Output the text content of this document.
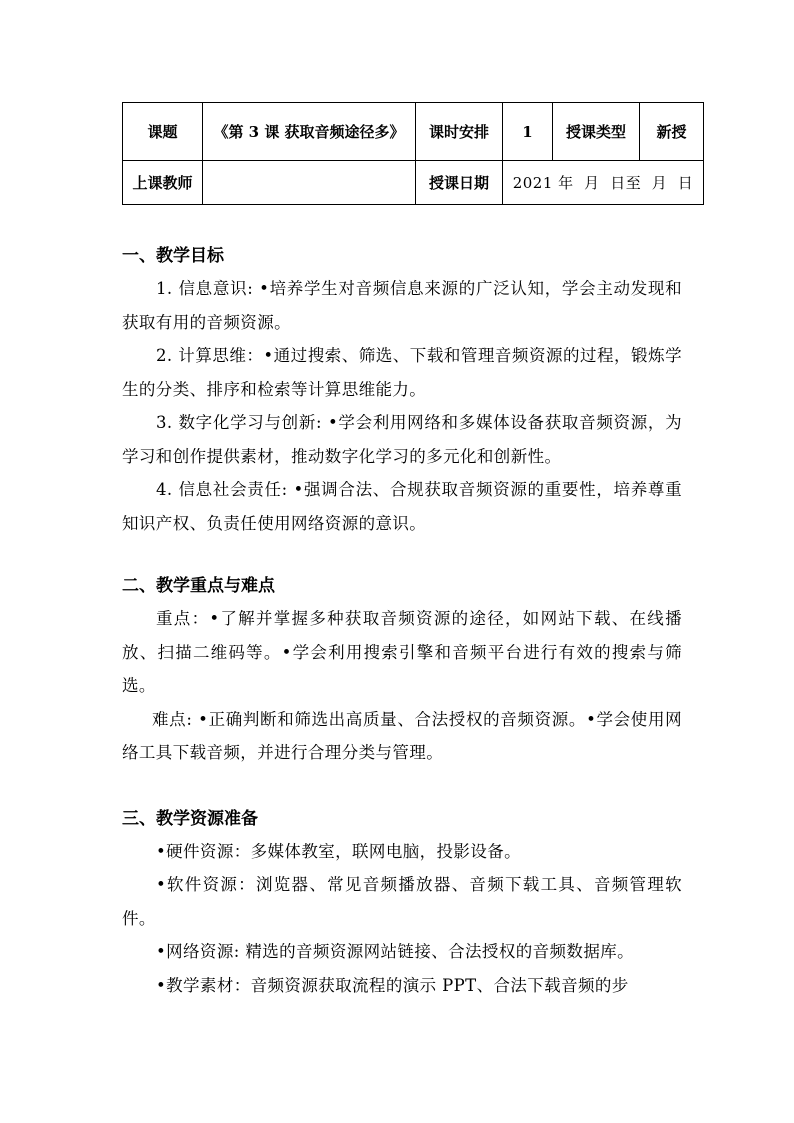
课题	《第 3 课 获取音频途径多》	课时安排	1	授课类型	新授
上课教师		授课日期	2021 年  月  日至  月  日		
一、教学目标

1. 信息意识: •培养学生对音频信息来源的广泛认知，学会主动发现和获取有用的音频资源。

2. 计算思维：•通过搜索、筛选、下载和管理音频资源的过程，锻炼学生的分类、排序和检索等计算思维能力。

3. 数字化学习与创新: •学会利用网络和多媒体设备获取音频资源，为学习和创作提供素材，推动数字化学习的多元化和创新性。

4. 信息社会责任: •强调合法、合规获取音频资源的重要性，培养尊重知识产权、负责任使用网络资源的意识。

二、教学重点与难点

重点：•了解并掌握多种获取音频资源的途径，如网站下载、在线播放、扫描二维码等。•学会利用搜索引擎和音频平台进行有效的搜索与筛选。

难点: •正确判断和筛选出高质量、合法授权的音频资源。•学会使用网络工具下载音频，并进行合理分类与管理。

三、教学资源准备

•硬件资源：多媒体教室，联网电脑，投影设备。

•软件资源：浏览器、常见音频播放器、音频下载工具、音频管理软件。

•网络资源: 精选的音频资源网站链接、合法授权的音频数据库。

•教学素材：音频资源获取流程的演示 PPT、合法下载音频的步
